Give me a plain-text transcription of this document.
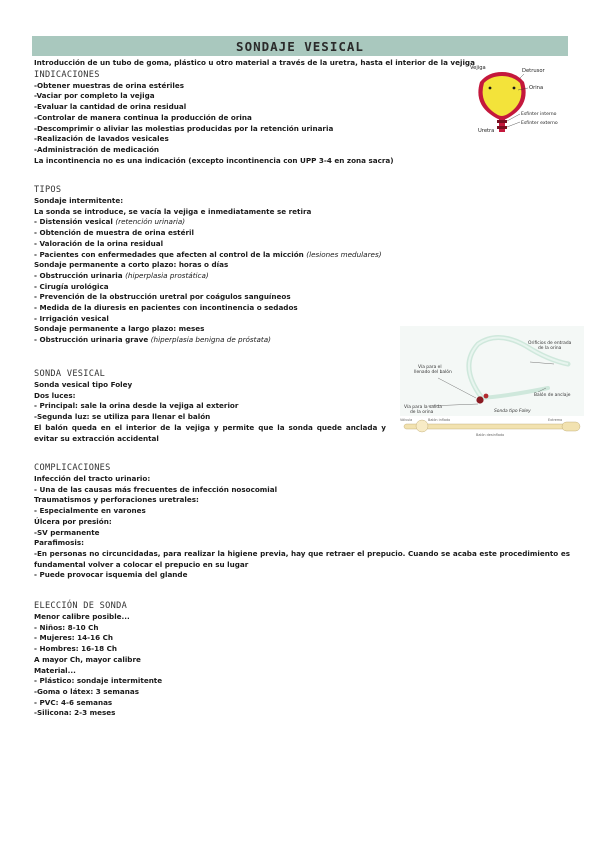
SONDAJE VESICAL
Introducción de un tubo de goma, plástico u otro material a través de la uretra, hasta el interior de la vejiga
INDICACIONES
-Obtener muestras de orina estériles
-Vaciar por completo la vejiga
-Evaluar la cantidad de orina residual
-Controlar de manera continua la producción de orina
-Descomprimir o aliviar las molestias producidas por la retención urinaria
-Realización de lavados vesicales
-Administración de medicación
La incontinencia no es una indicación (excepto incontinencia con UPP 3-4 en zona sacra)
Vejiga	Detrusor
Orina
Esfínter interno
Esfínter externo
Uretra
TIPOS
Sondaje intermitente:
La sonda se introduce, se vacía la vejiga e inmediatamente se retira
- Distensión vesical (retención urinaria)
- Obtención de muestra de orina estéril
- Valoración de la orina residual
- Pacientes con enfermedades que afecten al control de la micción (lesiones medulares)
Sondaje permanente a corto plazo: horas o días
- Obstrucción urinaria (hiperplasia prostática)
- Cirugía urológica
- Prevención de la obstrucción uretral por coágulos sanguíneos
- Medida de la diuresis en pacientes con incontinencia o sedados
- Irrigación vesical
Sondaje permanente a largo plazo: meses
- Obstrucción urinaria grave (hiperplasia benigna de próstata)
Vía para el llenado del balón
Vía para la salida de la orina
Orificios de entrada de la orina
Balón de anclaje
Sonda tipo Foley
Válvula	Balón inflado
Balón desinflado
Extremo
SONDA VESICAL
Sonda vesical tipo Foley
Dos luces:
- Principal: sale la orina desde la vejiga al exterior
-Segunda luz: se utiliza para llenar el balón
El balón queda en el interior de la vejiga y permite que la sonda quede anclada y evitar su extracción accidental
COMPLICACIONES
Infección del tracto urinario:
- Una de las causas más frecuentes de infección nosocomial
Traumatismos y perforaciones uretrales:
- Especialmente en varones
Úlcera por presión:
-SV permanente
Parafimosis:
-En personas no circuncidadas, para realizar la higiene previa, hay que retraer el prepucio. Cuando se acaba este procedimiento es fundamental volver a colocar el prepucio en su lugar
- Puede provocar isquemia del glande
ELECCIÓN DE SONDA
Menor calibre posible...
- Niños: 8-10 Ch
- Mujeres: 14-16 Ch
- Hombres: 16-18 Ch
A mayor Ch, mayor calibre
Material...
- Plástico: sondaje intermitente
-Goma o látex: 3 semanas
- PVC: 4-6 semanas
-Silicona: 2-3 meses
